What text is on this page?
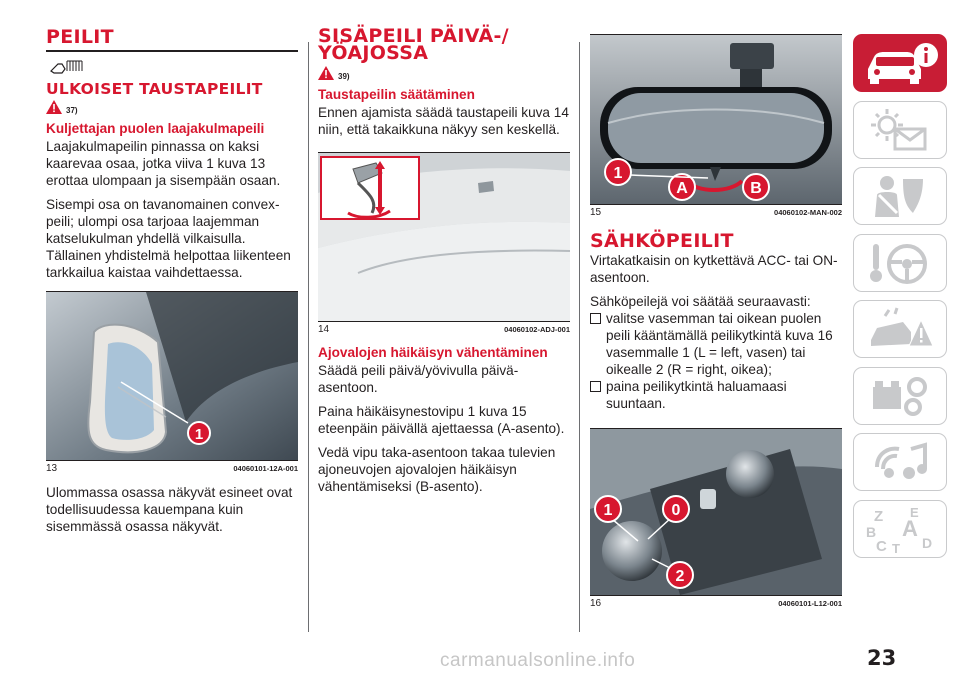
PEILIT
ULKOISET TAUSTAPEILIT
37)
Kuljettajan puolen laajakulmapeili

Laajakulmapeilin pinnassa on kaksi kaarevaa osaa, jotka viiva 1 kuva 13 erottaa ulompaan ja sisempään osaan.

Sisempi osa on tavanomainen convex-peili; ulompi osa tarjoaa laajemman katselukulman yhdellä vilkaisulla. Tällainen yhdistelmä helpottaa liikenteen tarkkailua kaistaa vaihdettaessa.

1
13	04060101-12A-001

Ulommassa osassa näkyvät esineet ovat todellisuudessa kauempana kuin sisemmässä osassa näkyvät.

SISÄPEILI PÄIVÄ-/ YÖAJOSSA
39)
Taustapeilin säätäminen

Ennen ajamista säädä taustapeili kuva 14 niin, että takaikkuna näkyy sen keskellä.

14	04060102-ADJ-001
Ajovalojen häikäisyn vähentäminen

Säädä peili päivä/yövivulla päivä-asentoon.

Paina häikäisynestovipu 1 kuva 15 eteenpäin päivällä ajettaessa (A-asento).

Vedä vipu taka-asentoon takaa tulevien ajoneuvojen ajovalojen häikäisyn vähentämiseksi (B-asento).

1
A	B
15	04060102-MAN-002
SÄHKÖPEILIT

Virtakatkaisin on kytkettävä ACC- tai ON-asentoon.

Sähköpeilejä voi säätää seuraavasti:

valitse vasemman tai oikean puolen peili kääntämällä peilikytkintä kuva 16 vasemmalle 1 (L = left, vasen) tai oikealle 2 (R = right, oikea);

paina peilikytkintä haluamaasi suuntaan.

1	0
2
16	04060101-L12-001
Z E
B A
C T D
carmanualsonline.info	23
